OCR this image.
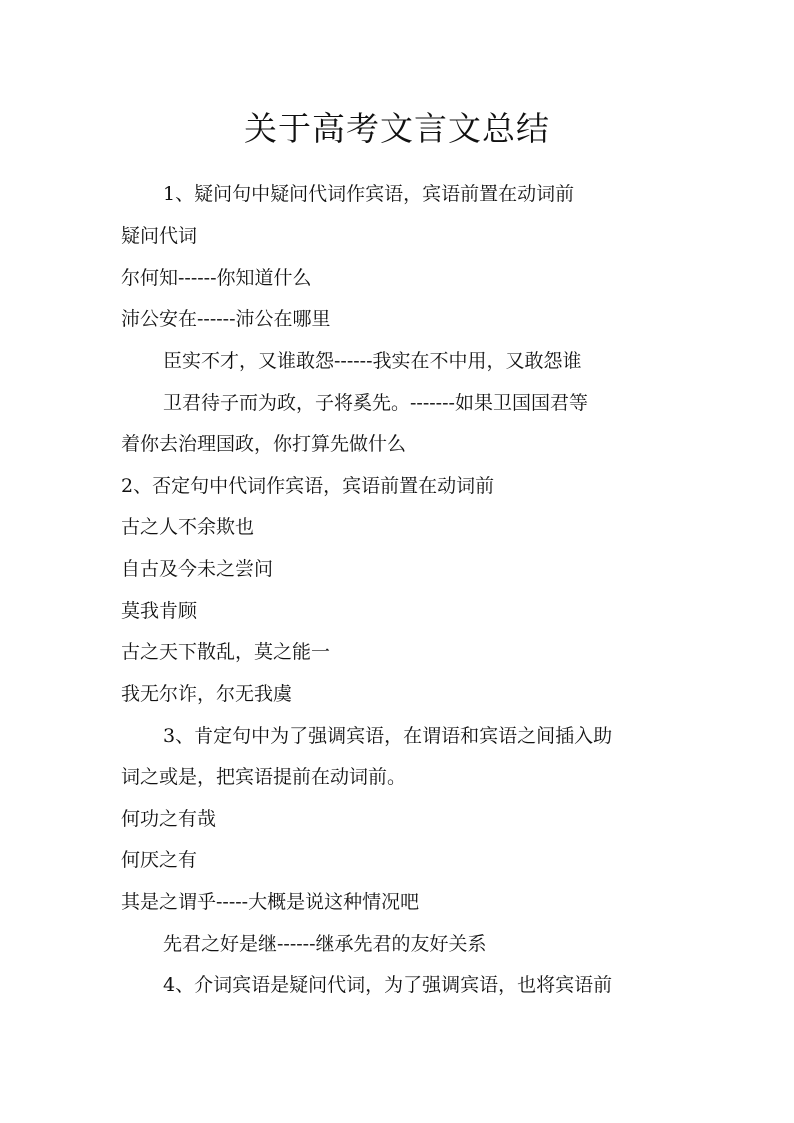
关于高考文言文总结
1、疑问句中疑问代词作宾语，宾语前置在动词前
疑问代词
尔何知------你知道什么
沛公安在------沛公在哪里
臣实不才，又谁敢怨------我实在不中用，又敢怨谁
卫君待子而为政，子将奚先。-------如果卫国国君等
着你去治理国政，你打算先做什么
2、否定句中代词作宾语，宾语前置在动词前
古之人不余欺也
自古及今未之尝问
莫我肯顾
古之天下散乱，莫之能一
我无尔诈，尔无我虞
3、肯定句中为了强调宾语，在谓语和宾语之间插入助
词之或是，把宾语提前在动词前。
何功之有哉
何厌之有
其是之谓乎-----大概是说这种情况吧
先君之好是继------继承先君的友好关系
4、介词宾语是疑问代词，为了强调宾语，也将宾语前
